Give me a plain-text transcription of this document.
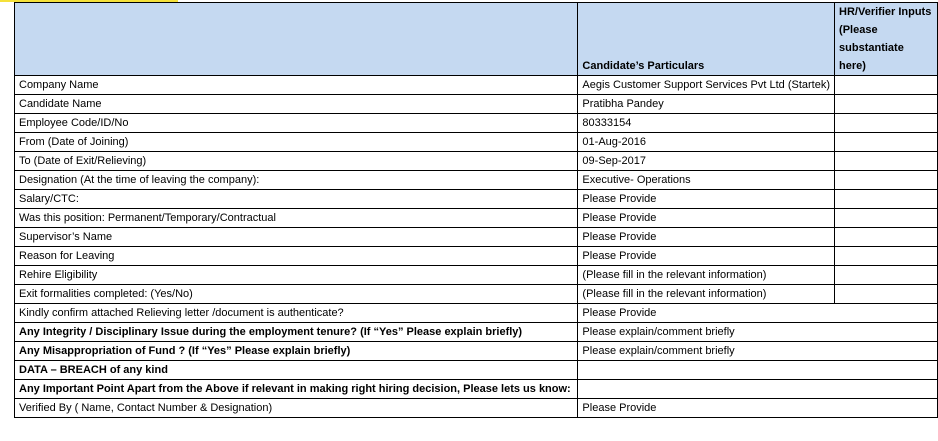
	Candidate’s Particulars	HR/Verifier Inputs (Please substantiate here)
Company Name	Aegis Customer Support Services Pvt Ltd (Startek)	
Candidate Name	Pratibha Pandey	
Employee Code/ID/No	80333154	
From (Date of Joining)	01-Aug-2016	
To (Date of Exit/Relieving)	09-Sep-2017	
Designation (At the time of leaving the company):	Executive- Operations	
Salary/CTC:	Please Provide	
Was this position: Permanent/Temporary/Contractual	Please Provide	
Supervisor’s Name	Please Provide	
Reason for Leaving	Please Provide	
Rehire Eligibility	(Please fill in the relevant information)	
Exit formalities completed: (Yes/No)	(Please fill in the relevant information)	
Kindly confirm attached Relieving letter /document is authenticate?	Please Provide	
Any Integrity / Disciplinary Issue during the employment tenure? (If “Yes” Please explain briefly)	Please explain/comment briefly	
Any Misappropriation of Fund ? (If “Yes” Please explain briefly)	Please explain/comment briefly	
DATA – BREACH of any kind		
Any Important Point Apart from the Above if relevant in making right hiring decision, Please lets us know:		
Verified By ( Name, Contact Number & Designation)	Please Provide	
